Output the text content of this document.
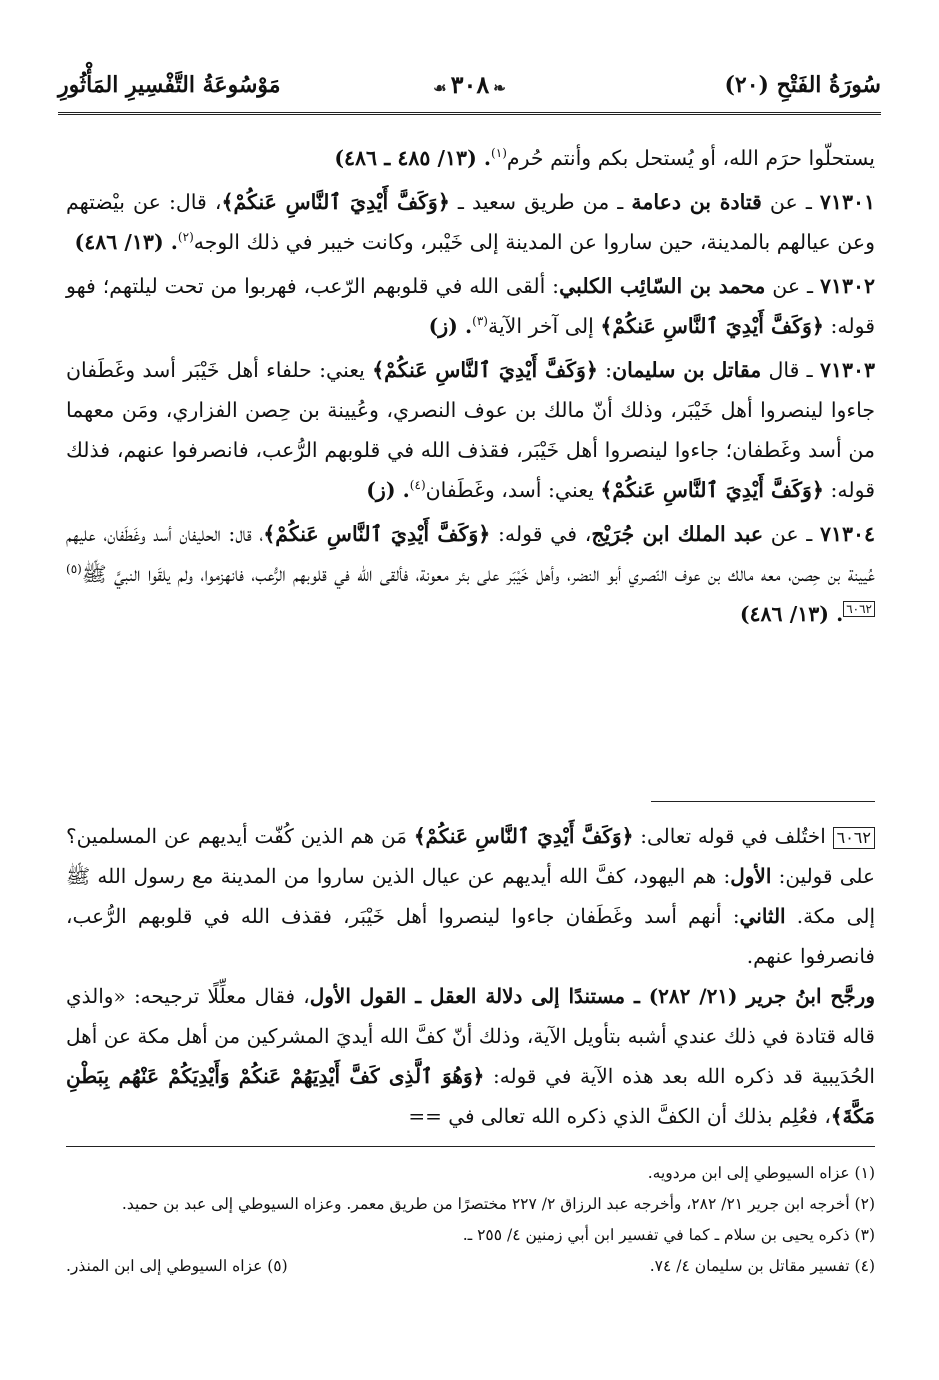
سُورَةُ الفَتْحِ (٢٠)
❧٣٠٨☙
مَوْسُوعَةُ التَّفْسِيرِ المَأْثُورِ

يستحلّوا حرَم الله، أو يُستحل بكم وأنتم حُرم$^{(١)}$. (١٣/ ٤٨٥ ـ ٤٨٦)

٧١٣٠١ ـ عن قتادة بن دعامة ـ من طريق سعيد ـ ﴿وَكَفَّ أَيْدِيَ ٱلنَّاسِ عَنكُمْ﴾، قال: عن بيْضتهم وعن عيالهم بالمدينة، حين ساروا عن المدينة إلى خَيْبر، وكانت خيبر في ذلك الوجه$^{(٢)}$. (١٣/ ٤٨٦)

٧١٣٠٢ ـ عن محمد بن السّائِب الكلبي: ألقى الله في قلوبهم الرّعب، فهربوا من تحت ليلتهم؛ فهو قوله: ﴿وَكَفَّ أَيْدِيَ ٱلنَّاسِ عَنكُمْ﴾ إلى آخر الآية$^{(٣)}$. (ز)

٧١٣٠٣ ـ قال مقاتل بن سليمان: ﴿وَكَفَّ أَيْدِيَ ٱلنَّاسِ عَنكُمْ﴾ يعني: حلفاء أهل خَيْبَر أسد وغَطَفان جاءوا لينصروا أهل خَيْبَر، وذلك أنّ مالك بن عوف النصري، وعُيينة بن حِصن الفزاري، ومَن معهما من أسد وغَطفان؛ جاءوا لينصروا أهل خَيْبَر، فقذف الله في قلوبهم الرُّعب، فانصرفوا عنهم، فذلك قوله: ﴿وَكَفَّ أَيْدِيَ ٱلنَّاسِ عَنكُمْ﴾ يعني: أسد، وغَطَفان$^{(٤)}$. (ز)

٧١٣٠٤ ـ عن عبد الملك ابن جُرَيْج، في قوله: ﴿وَكَفَّ أَيْدِيَ ٱلنَّاسِ عَنكُمْ﴾، قال: الحليفان أسد وغَطَفان، عليهم عُيينة بن حِصن، معه مالك بن عوف النّصري أبو النضر، وأهل خَيْبَر على بئر معونة، فألقى الله في قلوبهم الرُّعب، فانهزموا، ولم يلقَوا النبيَّ ﷺ$^{(٥)}$٦٠٦٢. (١٣/ ٤٨٦)

٦٠٦٢ اختُلف في قوله تعالى: ﴿وَكَفَّ أَيْدِيَ ٱلنَّاسِ عَنكُمْ﴾ مَن هم الذين كُفّت أيديهم عن المسلمين؟ على قولين: الأول: هم اليهود، كفَّ الله أيديهم عن عيال الذين ساروا من المدينة مع رسول الله ﷺ إلى مكة. الثاني: أنهم أسد وغَطَفان جاءوا لينصروا أهل خَيْبَر، فقذف الله في قلوبهم الرُّعب، فانصرفوا عنهم.

ورجَّح ابنُ جرير (٢١/ ٢٨٢) ـ مستندًا إلى دلالة العقل ـ القول الأول، فقال معلِّلًا ترجيحه: «والذي قاله قتادة في ذلك عندي أشبه بتأويل الآية، وذلك أنّ كفَّ الله أيديَ المشركين من أهل مكة عن أهل الحُدَيبية قد ذكره الله بعد هذه الآية في قوله: ﴿وَهُوَ ٱلَّذِى كَفَّ أَيْدِيَهُمْ عَنكُمْ وَأَيْدِيَكُمْ عَنْهُم بِبَطْنِ مَكَّةَ﴾، فعُلِم بذلك أن الكفَّ الذي ذكره الله تعالى في ==

(١) عزاه السيوطي إلى ابن مردويه.

(٢) أخرجه ابن جرير ٢١/ ٢٨٢، وأخرجه عبد الرزاق ٢/ ٢٢٧ مختصرًا من طريق معمر. وعزاه السيوطي إلى عبد بن حميد.

(٣) ذكره يحيى بن سلام ـ كما في تفسير ابن أبي زمنين ٤/ ٢٥٥ ـ.

(٤) تفسير مقاتل بن سليمان ٤/ ٧٤.
(٥) عزاه السيوطي إلى ابن المنذر.
